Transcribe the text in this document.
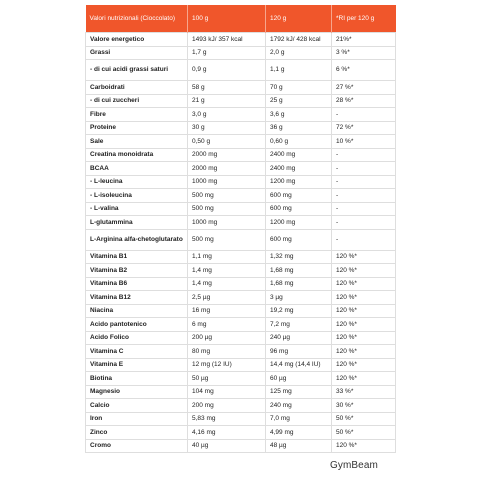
Valori nutrizionali (Cioccolato)	100 g	120 g	*RI per 120 g
Valore energetico	1493 kJ/ 357 kcal	1792 kJ/ 428 kcal	21%*
Grassi	1,7 g	2,0 g	3 %*
- di cui acidi grassi saturi	0,9 g	1,1 g	6 %*
Carboidrati	58 g	70 g	27 %*
- di cui zuccheri	21 g	25 g	28 %*
Fibre	3,0 g	3,6 g	-
Proteine	30 g	36 g	72 %*
Sale	0,50 g	0,60 g	10 %*
Creatina monoidrata	2000 mg	2400 mg	-
BCAA	2000 mg	2400 mg	-
- L-leucina	1000 mg	1200 mg	-
- L-isoleucina	500 mg	600 mg	-
- L-valina	500 mg	600 mg	-
L-glutammina	1000 mg	1200 mg	-
L-Arginina alfa-chetoglutarato	500 mg	600 mg	-
Vitamina B1	1,1 mg	1,32 mg	120 %*
Vitamina B2	1,4 mg	1,68 mg	120 %*
Vitamina B6	1,4 mg	1,68 mg	120 %*
Vitamina B12	2,5 µg	3 µg	120 %*
Niacina	16 mg	19,2 mg	120 %*
Acido pantotenico	6 mg	7,2 mg	120 %*
Acido Folico	200 µg	240 µg	120 %*
Vitamina C	80 mg	96 mg	120 %*
Vitamina E	12 mg (12 IU)	14,4 mg (14,4 IU)	120 %*
Biotina	50 µg	60 µg	120 %*
Magnesio	104 mg	125 mg	33 %*
Calcio	200 mg	240 mg	30 %*
Iron	5,83 mg	7,0 mg	50 %*
Zinco	4,16 mg	4,99 mg	50 %*
Cromo	40 µg	48 µg	120 %*
GymBeam
